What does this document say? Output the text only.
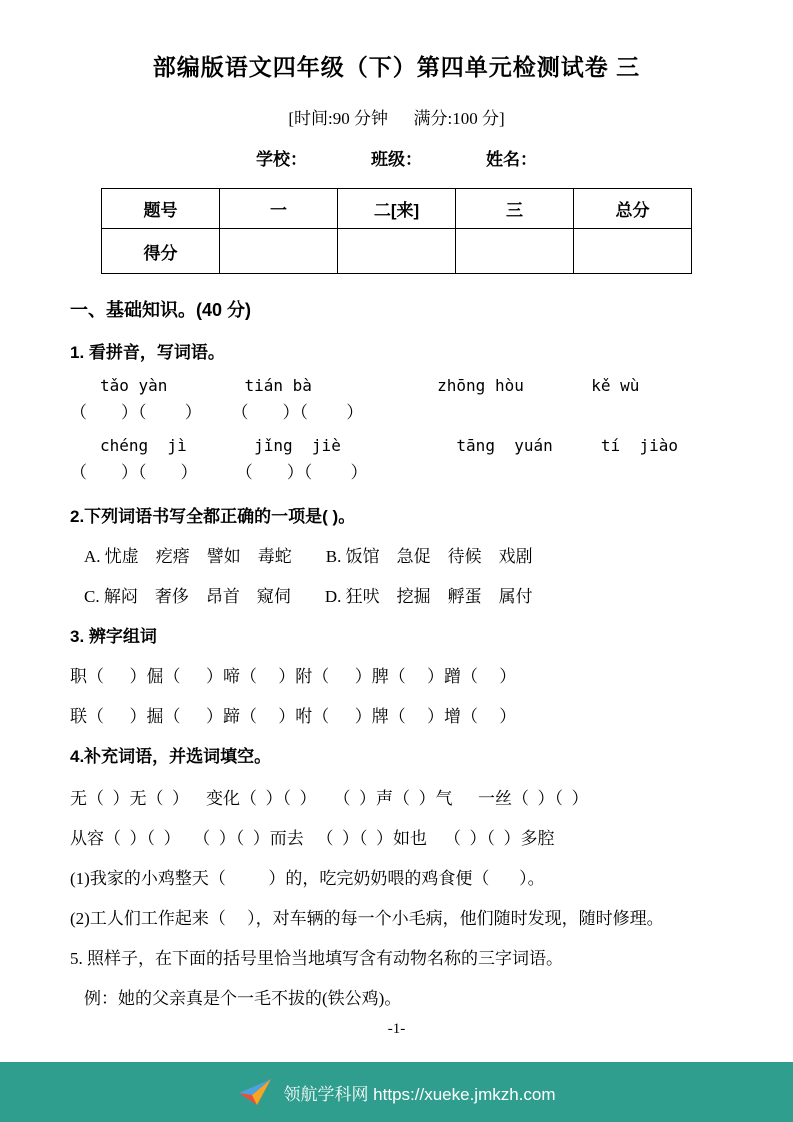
部编版语文四年级（下）第四单元检测试卷 三
[时间:90 分钟      满分:100 分]
学校：	班级：	姓名：
题号	一	二[来]	三	总分
得分				
一、基础知识。(40 分)
1. 看拼音，写词语。
tǎo yàn        tián bà             zhōng hòu       kě wù
（        ）（         ）       （        ）（         ）
chéng  jì       jǐng  jiè            tāng  yuán     tí  jiào
（        ）（        ）         （        ）（         ）
2.下列词语书写全都正确的一项是( )。
A. 忧虚    疙瘩    譬如    毒蛇        B. 饭馆    急促    待候    戏剧
C. 解闷    奢侈    昂首    窥伺        D. 狂吠    挖掘    孵蛋    属付
3. 辨字组词
职（      ）倔（      ）啼（     ）附（      ）脾（     ）蹭（     ）
联（      ）掘（      ）蹄（     ）咐（      ）牌（     ）增（     ）
4.补充词语，并选词填空。
无（  ）无（  ）    变化（  ）（  ）    （  ）声（  ）气      一丝（  ）（  ）
从容（  ）（  ）   （  ）（  ）而去   （  ）（  ）如也    （  ）（  ）多腔
(1)我家的小鸡整天（          ）的，吃完奶奶喂的鸡食便（       ）。
(2)工人们工作起来（     ），对车辆的每一个小毛病，他们随时发现，随时修理。
5. 照样子，在下面的括号里恰当地填写含有动物名称的三字词语。
例：她的父亲真是个一毛不拔的(铁公鸡)。
-1-
领航学科网 https://xueke.jmkzh.com
